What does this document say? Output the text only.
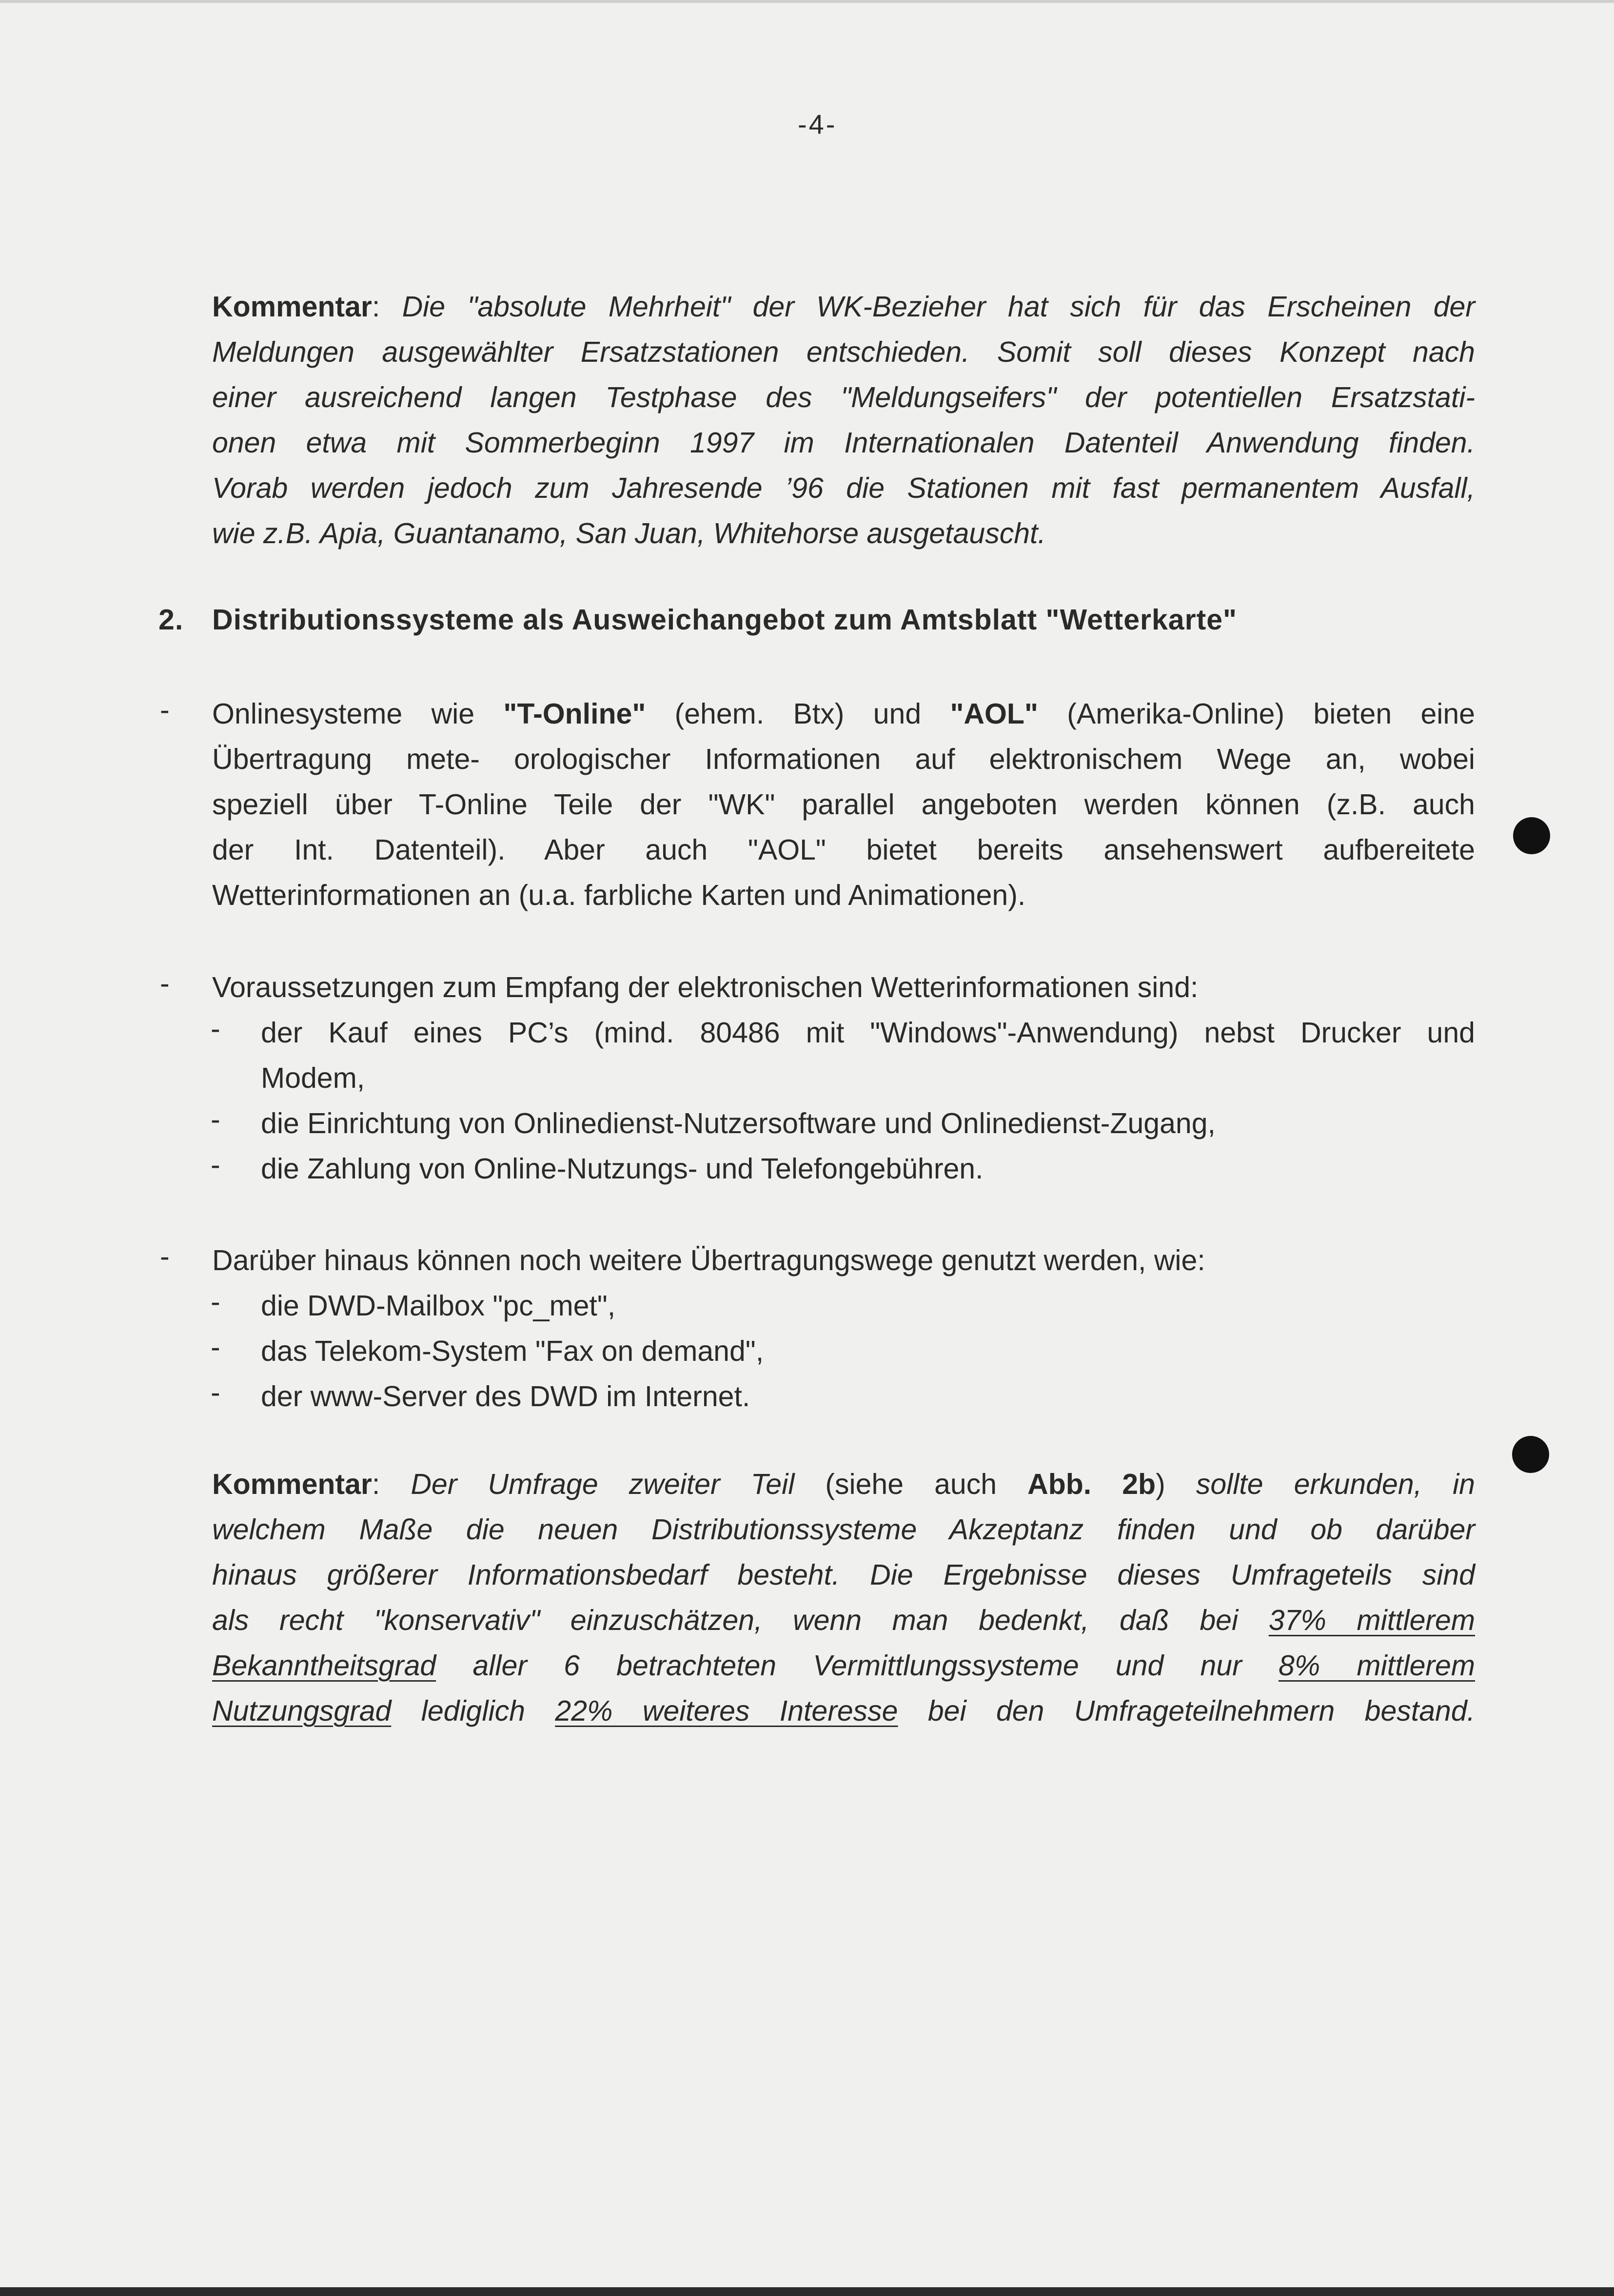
-4-
Kommentar: Die "absolute Mehrheit" der WK-Bezieher hat sich für das Erscheinen der
Meldungen ausgewählter Ersatzstationen entschieden. Somit soll dieses Konzept nach
einer ausreichend langen Testphase des "Meldungseifers" der potentiellen Ersatzstati-
onen etwa mit Sommerbeginn 1997 im Internationalen Datenteil Anwendung finden.
Vorab werden jedoch zum Jahresende ’96 die Stationen mit fast permanentem Ausfall,
wie z.B. Apia, Guantanamo, San Juan, Whitehorse ausgetauscht.
2. Distributionssysteme als Ausweichangebot zum Amtsblatt "Wetterkarte"
- Onlinesysteme wie "T-Online" (ehem. Btx) und "AOL" (Amerika-Online) bieten eine
Übertragung mete- orologischer Informationen auf elektronischem Wege an, wobei
speziell über T-Online Teile der "WK" parallel angeboten werden können (z.B. auch
der Int. Datenteil). Aber auch "AOL" bietet bereits ansehenswert aufbereitete
Wetterinformationen an (u.a. farbliche Karten und Animationen).
- Voraussetzungen zum Empfang der elektronischen Wetterinformationen sind:
- der Kauf eines PC’s (mind. 80486 mit "Windows"-Anwendung) nebst Drucker und
Modem,
- die Einrichtung von Onlinedienst-Nutzersoftware und Onlinedienst-Zugang,
- die Zahlung von Online-Nutzungs- und Telefongebühren.
- Darüber hinaus können noch weitere Übertragungswege genutzt werden, wie:
- die DWD-Mailbox "pc_met",
- das Telekom-System "Fax on demand",
- der www-Server des DWD im Internet.
Kommentar: Der Umfrage zweiter Teil (siehe auch Abb. 2b) sollte erkunden, in
welchem Maße die neuen Distributionssysteme Akzeptanz finden und ob darüber
hinaus größerer Informationsbedarf besteht. Die Ergebnisse dieses Umfrageteils sind
als recht "konservativ" einzuschätzen, wenn man bedenkt, daß bei 37% mittlerem
Bekanntheitsgrad aller 6 betrachteten Vermittlungssysteme und nur 8% mittlerem
Nutzungsgrad lediglich 22% weiteres Interesse bei den Umfrageteilnehmern bestand.
